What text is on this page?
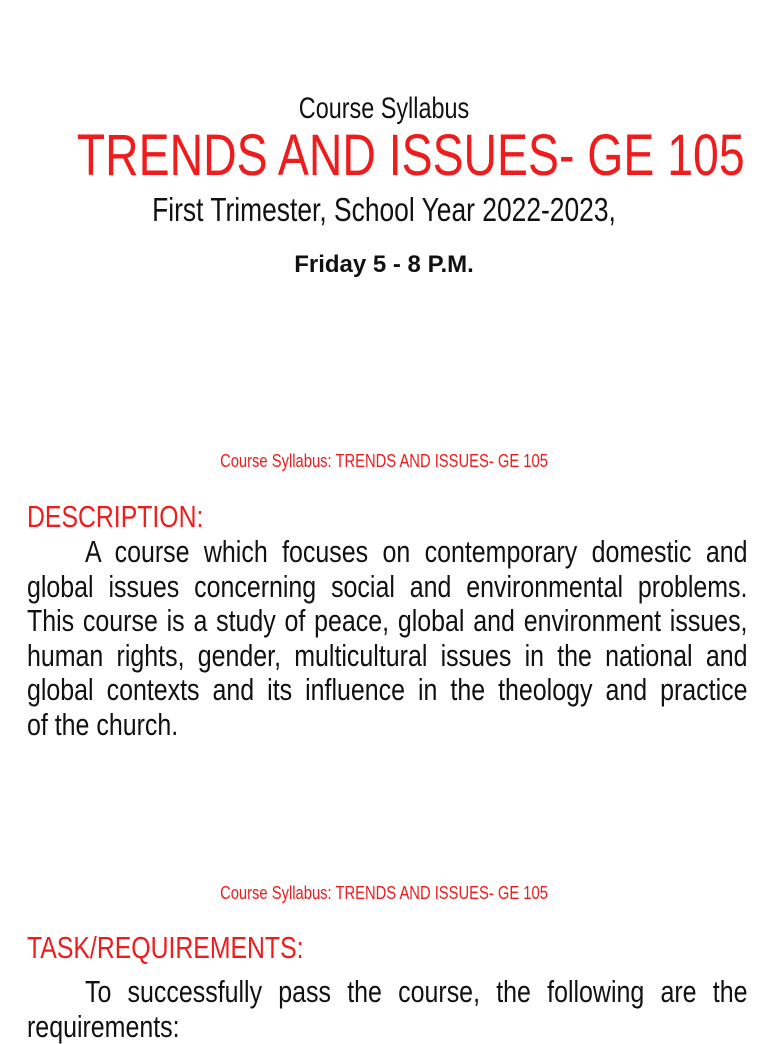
Course Syllabus
TRENDS AND ISSUES- GE 105
First Trimester, School Year 2022-2023,
Friday 5 - 8 P.M.
Course Syllabus: TRENDS AND ISSUES- GE 105
DESCRIPTION:
A course which focuses on contemporary domestic and
global issues concerning social and environmental problems.
This course is a study of peace, global and environment issues,
human rights, gender, multicultural issues in the national and
global contexts and its influence in the theology and practice
of the church.
Course Syllabus: TRENDS AND ISSUES- GE 105
TASK/REQUIREMENTS:
To successfully pass the course, the following are the
requirements:
